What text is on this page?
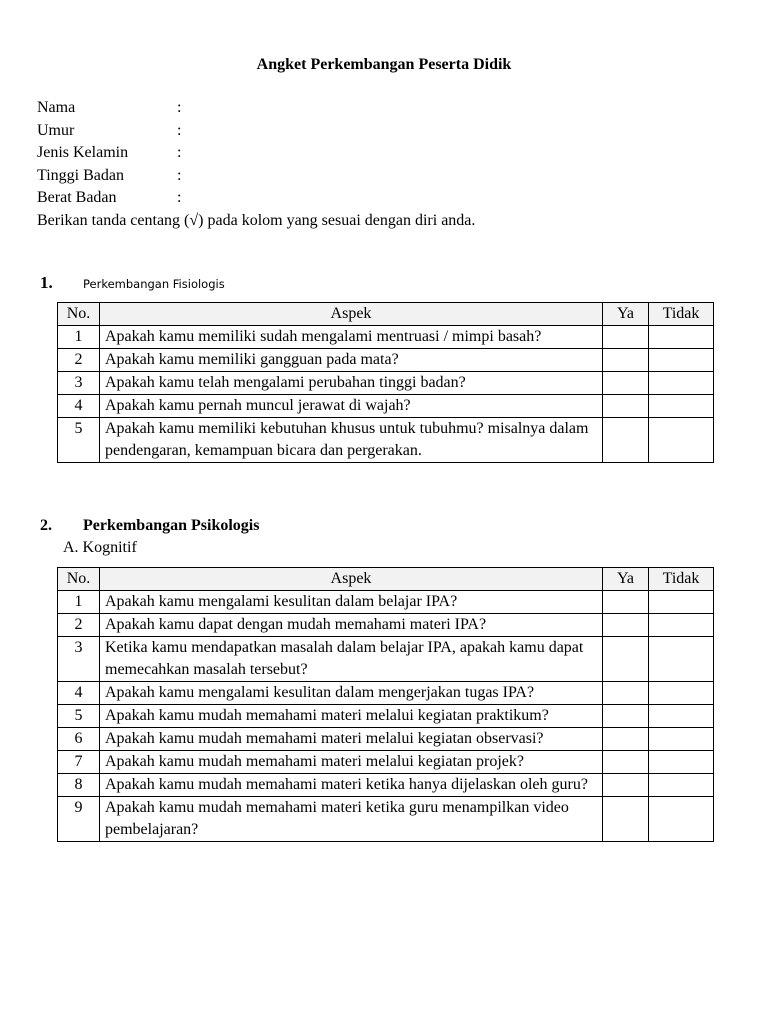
Angket Perkembangan Peserta Didik
Nama	:
Umur	:
Jenis Kelamin	:
Tinggi Badan	:
Berat Badan	:
Berikan tanda centang (√) pada kolom yang sesuai dengan diri anda.
1.	Perkembangan Fisiologis
No.	Aspek	Ya	Tidak
1	Apakah kamu memiliki sudah mengalami mentruasi / mimpi basah?		
2	Apakah kamu memiliki gangguan pada mata?		
3	Apakah kamu telah mengalami perubahan tinggi badan?		
4	Apakah kamu pernah muncul jerawat di wajah?		
5	Apakah kamu memiliki kebutuhan khusus untuk tubuhmu? misalnya dalam pendengaran, kemampuan bicara dan pergerakan.		
2.	Perkembangan Psikologis
A. Kognitif
No.	Aspek	Ya	Tidak
1	Apakah kamu mengalami kesulitan dalam belajar IPA?		
2	Apakah kamu dapat dengan mudah memahami materi IPA?		
3	Ketika kamu mendapatkan masalah dalam belajar IPA, apakah kamu dapat memecahkan masalah tersebut?		
4	Apakah kamu mengalami kesulitan dalam mengerjakan tugas IPA?		
5	Apakah kamu mudah memahami materi melalui kegiatan praktikum?		
6	Apakah kamu mudah memahami materi melalui kegiatan observasi?		
7	Apakah kamu mudah memahami materi melalui kegiatan projek?		
8	Apakah kamu mudah memahami materi ketika hanya dijelaskan oleh guru?		
9	Apakah kamu mudah memahami materi ketika guru menampilkan video pembelajaran?		
